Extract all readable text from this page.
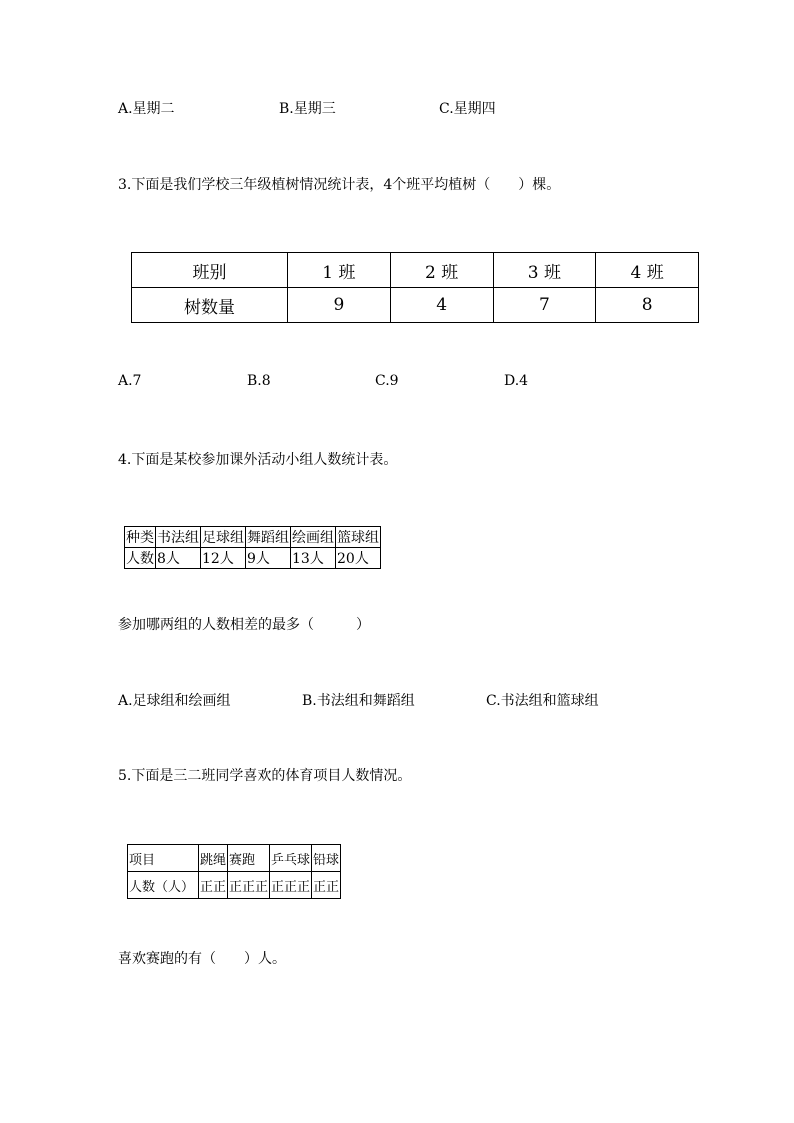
A.星期二	B.星期三	C.星期四
3.下面是我们学校三年级植树情况统计表，4个班平均植树（　　）棵。
班别	1 班	2 班	3 班	4 班
树数量	9	4	7	8
A.7	B.8	C.9	D.4
4.下面是某校参加课外活动小组人数统计表。
种类	书法组	足球组	舞蹈组	绘画组	篮球组
人数	8人	12人	9人	13人	20人
参加哪两组的人数相差的最多（　　　）
A.足球组和绘画组	B.书法组和舞蹈组	C.书法组和篮球组
5.下面是三二班同学喜欢的体育项目人数情况。
项目	跳绳	赛跑	乒乓球	铅球
人数（人）	正正	正正正	正正正	正正
喜欢赛跑的有（　　）人。
